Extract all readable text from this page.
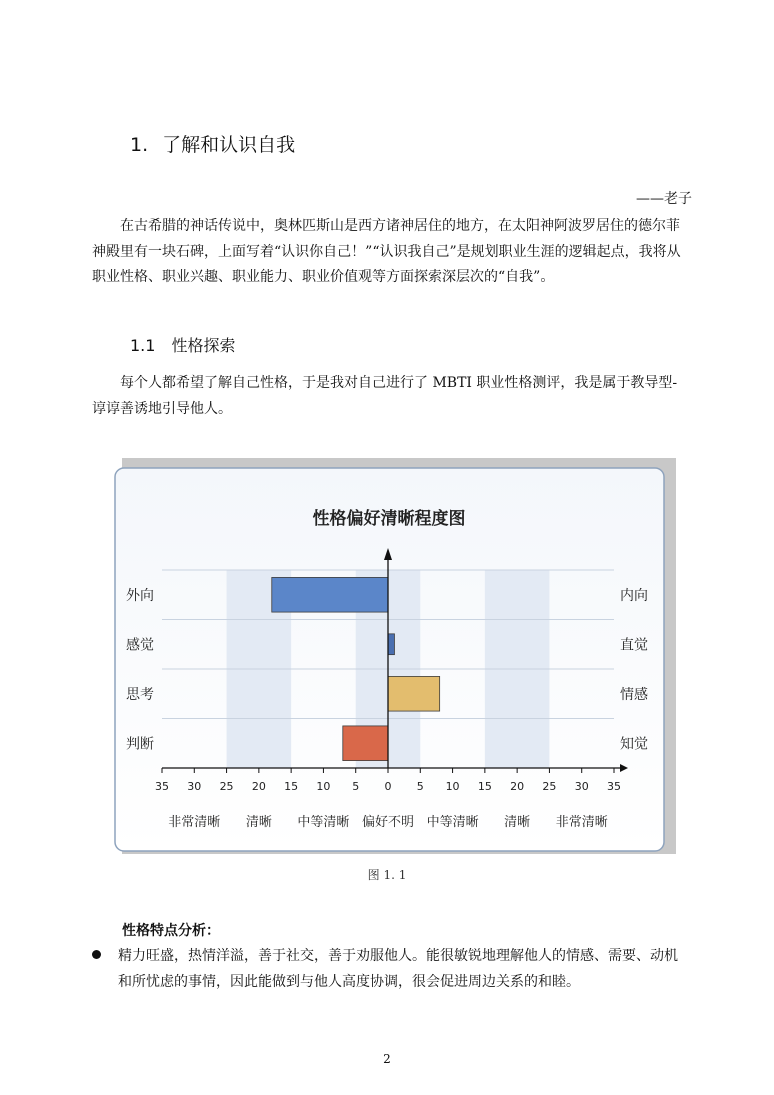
1. 了解和认识自我
——老子
在古希腊的神话传说中，奥林匹斯山是西方诸神居住的地方，在太阳神阿波罗居住的德尔菲神殿里有一块石碑，上面写着“认识你自己！”“认识我自己”是规划职业生涯的逻辑起点，我将从职业性格、职业兴趣、职业能力、职业价值观等方面探索深层次的“自我”。
1.1 性格探索
每个人都希望了解自己性格，于是我对自己进行了 MBTI 职业性格测评，我是属于教导型-谆谆善诱地引导他人。
性格偏好清晰程度图
35 30 25 20 15 10 5 0 5 10 15 20 25 30 35
非常清晰 清晰 中等清晰 偏好不明 中等清晰 清晰 非常清晰
外向	内向
感觉	直觉
思考	情感
判断	知觉
图 1. 1
性格特点分析：
精力旺盛，热情洋溢，善于社交，善于劝服他人。能很敏锐地理解他人的情感、需要、动机和所忧虑的事情，因此能做到与他人高度协调，很会促进周边关系的和睦。
2
